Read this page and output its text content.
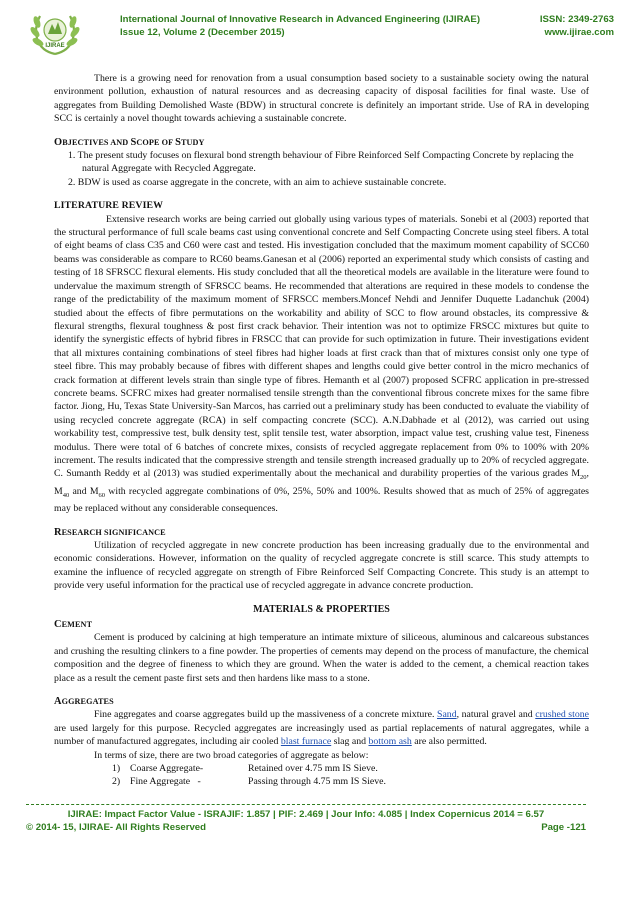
IJIRAE
International Journal of Innovative Research in Advanced Engineering (IJIRAE)
Issue 12, Volume 2 (December 2015)
ISSN: 2349-2763
www.ijirae.com

There is a growing need for renovation from a usual consumption based society to a sustainable society owing the natural environment pollution, exhaustion of natural resources and as decreasing capacity of disposal facilities for final waste. Use of aggregates from Building Demolished Waste (BDW) in structural concrete is definitely an important stride. Use of RA in developing SCC is certainly a novel thought towards achieving a sustainable concrete.

OBJECTIVES AND SCOPE OF STUDY
1. The present study focuses on flexural bond strength behaviour of Fibre Reinforced Self Compacting Concrete by replacing the natural Aggregate with Recycled Aggregate.
2. BDW is used as coarse aggregate in the concrete, with an aim to achieve sustainable concrete.
LITERATURE REVIEW

Extensive research works are being carried out globally using various types of materials. Sonebi et al (2003) reported that the structural performance of full scale beams cast using conventional concrete and Self Compacting Concrete using steel fibers. A total of eight beams of class C35 and C60 were cast and tested. His investigation concluded that the maximum moment capability of SCC60 beams was considerable as compare to RC60 beams.Ganesan et al (2006) reported an experimental study which consists of casting and testing of 18 SFRSCC flexural elements. His study concluded that all the theoretical models are available in the literature were found to undervalue the maximum strength of SFRSCC beams. He recommended that alterations are required in these models to condense the range of the predictability of the maximum moment of SFRSCC members.Moncef Nehdi and Jennifer Duquette Ladanchuk (2004) studied about the effects of fibre permutations on the workability and ability of SCC to flow around obstacles, its compressive & flexural strengths, flexural toughness & post first crack behavior. Their intention was not to optimize FRSCC mixtures but quite to identify the synergistic effects of hybrid fibres in FRSCC that can provide for such optimization in future. Their investigations evident that all mixtures containing combinations of steel fibres had higher loads at first crack than that of mixtures consist only one type of steel fibre. This may probably because of fibres with different shapes and lengths could give better control in the micro mechanics of crack formation at different levels strain than single type of fibres. Hemanth et al (2007) proposed SCFRC application in pre-stressed concrete beams. SCFRC mixes had greater normalised tensile strength than the conventional fibrous concrete mixes for the same fibre factor. Jiong, Hu, Texas State University-San Marcos, has carried out a preliminary study has been conducted to evaluate the viability of using recycled concrete aggregate (RCA) in self compacting concrete (SCC). A.N.Dabhade et al (2012), was carried out using workability test, compressive test, bulk density test, split tensile test, water absorption, impact value test, crushing value test, Fineness modulus. There were total of 6 batches of concrete mixes, consists of recycled aggregate replacement from 0% to 100% with 20% increment. The results indicated that the compressive strength and tensile strength increased gradually up to 20% of recycled aggregate. C. Sumanth Reddy et al (2013) was studied experimentally about the mechanical and durability properties of the various grades $M_{20}$, $M_{40}$ and $M_{60}$ with recycled aggregate combinations of 0%, 25%, 50% and 100%. Results showed that as much of 25% of aggregates may be replaced without any considerable consequences.

RESEARCH SIGNIFICANCE

Utilization of recycled aggregate in new concrete production has been increasing gradually due to the environmental and economic considerations. However, information on the quality of recycled aggregate concrete is still scarce. This study attempts to examine the influence of recycled aggregate on strength of Fibre Reinforced Self Compacting Concrete. This study is an attempt to provide very useful information for the practical use of recycled aggregate in advance concrete production.

MATERIALS & PROPERTIES
CEMENT

Cement is produced by calcining at high temperature an intimate mixture of siliceous, aluminous and calcareous substances and crushing the resulting clinkers to a fine powder. The properties of cements may depend on the process of manufacture, the chemical composition and the degree of fineness to which they are ground. When the water is added to the cement, a chemical reaction takes place as a result the cement paste first sets and then hardens like mass to a stone.

AGGREGATES

Fine aggregates and coarse aggregates build up the massiveness of a concrete mixture. Sand, natural gravel and crushed stone are used largely for this purpose. Recycled aggregates are increasingly used as partial replacements of natural aggregates, while a number of manufactured aggregates, including air cooled blast furnace slag and bottom ash are also permitted.

In terms of size, there are two broad categories of aggregate as below:

1)	Coarse Aggregate-	Retained over 4.75 mm IS Sieve.
2)	Fine Aggregate   -	Passing through 4.75 mm IS Sieve.
IJIRAE: Impact Factor Value - ISRAJIF: 1.857 | PIF: 2.469 | Jour Info: 4.085 | Index Copernicus 2014 = 6.57
© 2014- 15, IJIRAE- All Rights Reserved	Page -121
